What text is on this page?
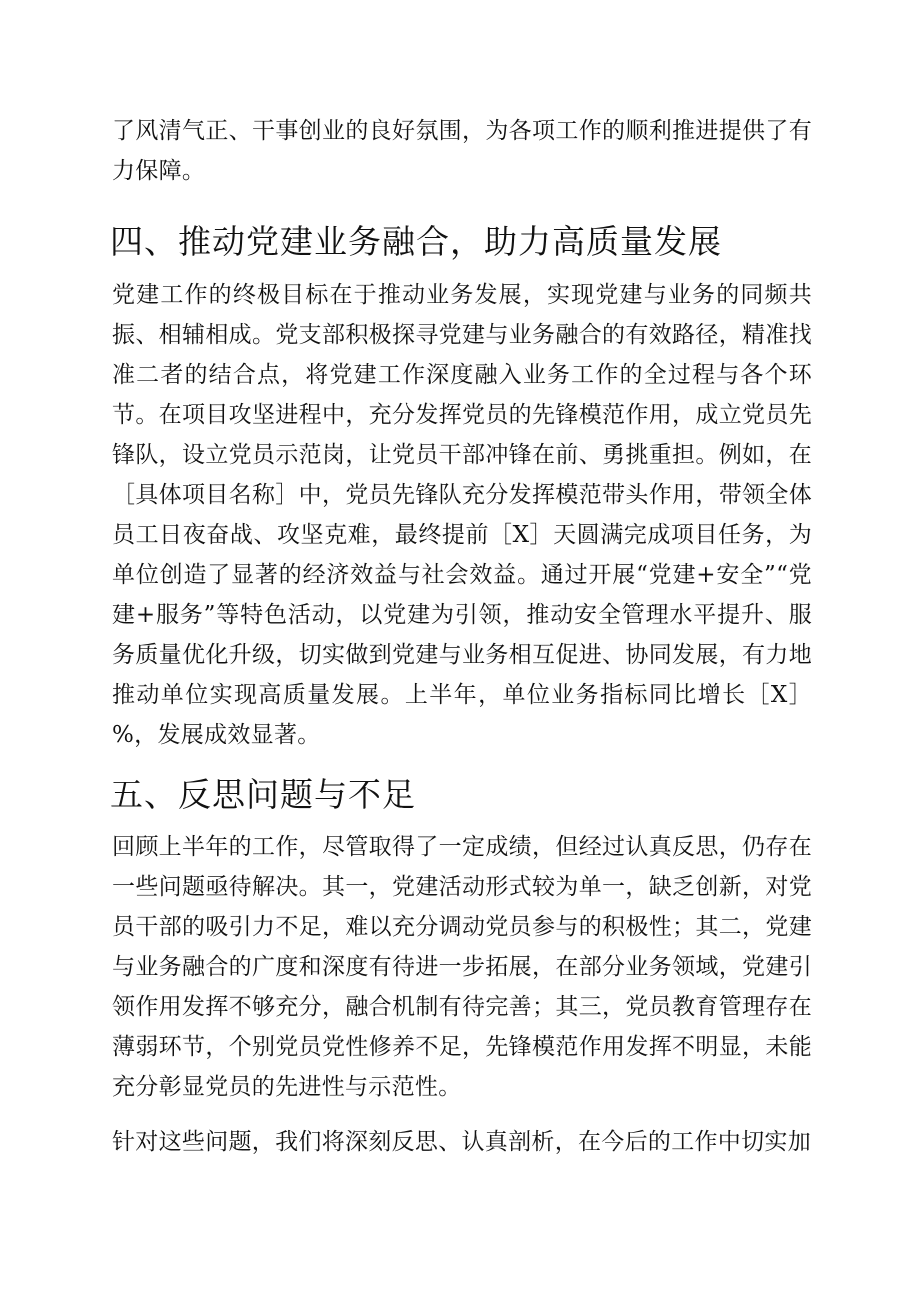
了风清气正、干事创业的良好氛围，为各项工作的顺利推进提供了有力保障。

四、推动党建业务融合，助力高质量发展

党建工作的终极目标在于推动业务发展，实现党建与业务的同频共振、相辅相成。党支部积极探寻党建与业务融合的有效路径，精准找准二者的结合点，将党建工作深度融入业务工作的全过程与各个环节。在项目攻坚进程中，充分发挥党员的先锋模范作用，成立党员先锋队，设立党员示范岗，让党员干部冲锋在前、勇挑重担。例如，在［具体项目名称］中，党员先锋队充分发挥模范带头作用，带领全体员工日夜奋战、攻坚克难，最终提前［X］天圆满完成项目任务，为单位创造了显著的经济效益与社会效益。通过开展“党建+安全”“党建+服务”等特色活动，以党建为引领，推动安全管理水平提升、服务质量优化升级，切实做到党建与业务相互促进、协同发展，有力地推动单位实现高质量发展。上半年，单位业务指标同比增长［X］%，发展成效显著。

五、反思问题与不足

回顾上半年的工作，尽管取得了一定成绩，但经过认真反思，仍存在一些问题亟待解决。其一，党建活动形式较为单一，缺乏创新，对党员干部的吸引力不足，难以充分调动党员参与的积极性；其二，党建与业务融合的广度和深度有待进一步拓展，在部分业务领域，党建引领作用发挥不够充分，融合机制有待完善；其三，党员教育管理存在薄弱环节，个别党员党性修养不足，先锋模范作用发挥不明显，未能充分彰显党员的先进性与示范性。

针对这些问题，我们将深刻反思、认真剖析，在今后的工作中切实加
